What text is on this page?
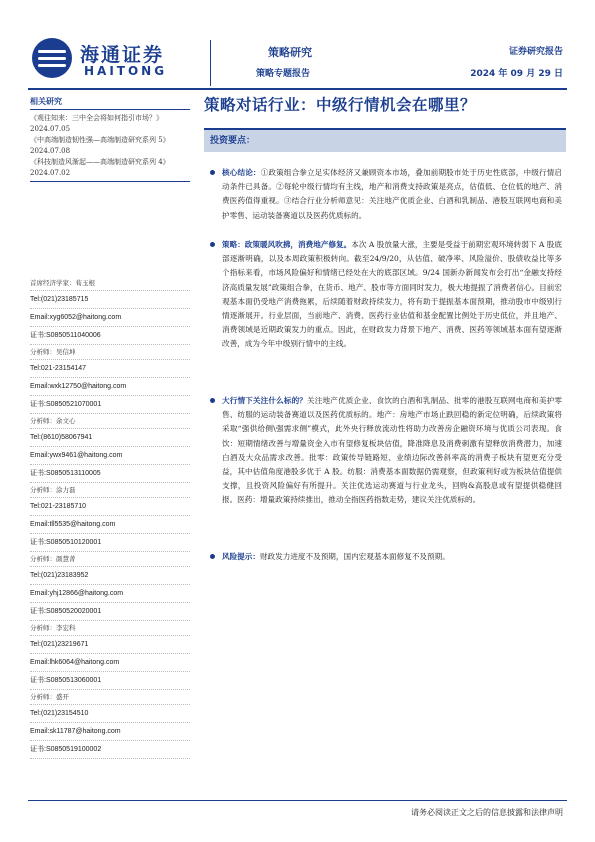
海通证券
HAITONG
策略研究
策略专题报告
证券研究报告
2024 年 09 月 29 日
相关研究
《观往知来：三中全会将如何指引市场？》2024.07.05
《中高端制造韧性强—高端制造研究系列 5》2024.07.08
《科技制造风渐起——高端制造研究系列 4》2024.07.02
首席经济学家：荀玉根
Tel:(021)23185715
Email:xyg6052@haitong.com
证书:S0850511040006
分析师：吴信坤
Tel:021-23154147
Email:wxk12750@haitong.com
证书:S0850521070001
分析师：余文心
Tel:(8610)58067941
Email:ywx9461@haitong.com
证书:S0850513110005
分析师：涂力磊
Tel:021-23185710
Email:tll5535@haitong.com
证书:S0850510120001
分析师：颜慧菁
Tel:(021)23183952
Email:yhj12866@haitong.com
证书:S0850520020001
分析师：李宏科
Tel:(021)23219671
Email:lhk6064@haitong.com
证书:S0850513060001
分析师：盛开
Tel:(021)23154510
Email:sk11787@haitong.com
证书:S0850519100002
策略对话行业：中级行情机会在哪里？
投资要点：
核心结论：①政策组合拳立足实体经济又兼顾资本市场，叠加前期股市处于历史性底部，中级行情启动条件已具备。②每轮中级行情均有主线，地产和消费支持政策是亮点，估值低、仓位低的地产、消费医药值得重视。③结合行业分析师意见：关注地产优质企业、白酒和乳制品、港股互联网电商和美护零售、运动装备赛道以及医药优质标的。
策略：政策暖风吹拂，消费地产修复。本次 A 股放量大涨，主要是受益于前期宏观环境转弱下 A 股底部逐渐明确，以及本周政策积极转向。截至24/9/20，从估值、破净率、风险溢价、股债收益比等多个指标来看，市场风险偏好和情绪已经处在大的底部区域。9/24 国新办新闻发布会打出“金融支持经济高质量发展”政策组合拳，在货币、地产、股市等方面同时发力，极大地提振了消费者信心。目前宏观基本面仍受地产消费拖累，后续随着财政持续发力，将有助于提振基本面预期，推动股市中级别行情逐渐展开。行业层面，当前地产、消费、医药行业估值和基金配置比例处于历史低位，并且地产、消费领域是近期政策发力的重点。因此，在财政发力背景下地产、消费、医药等领域基本面有望逐渐改善，成为今年中级别行情中的主线。
大行情下关注什么标的？关注地产优质企业、食饮的白酒和乳制品、批零的港股互联网电商和美护零售、纺服的运动装备赛道以及医药优质标的。地产：房地产市场止跌回稳的新定位明确，后续政策将采取“强供给侧\强需求侧”模式，此外央行释放流动性将助力改善房企融资环境与优质公司表现。食饮：短期情绪改善与增量资金入市有望修复板块估值，降准降息及消费刺激有望释放消费潜力，加速白酒及大众品需求改善。批零：政策传导链路短、业绩边际改善斜率高的消费子板块有望更充分受益，其中估值角度港股多优于 A 股。纺服：消费基本面数据仍需观察，但政策利好或为板块估值提供支撑，且投资风险偏好有所提升。关注优选运动赛道与行业龙头，回购&高股息或有望提供稳健回报。医药：增量政策持续推出，推动全指医药指数走势，建议关注优质标的。
风险提示：财政发力进度不及预期，国内宏观基本面修复不及预期。
请务必阅读正文之后的信息披露和法律声明
